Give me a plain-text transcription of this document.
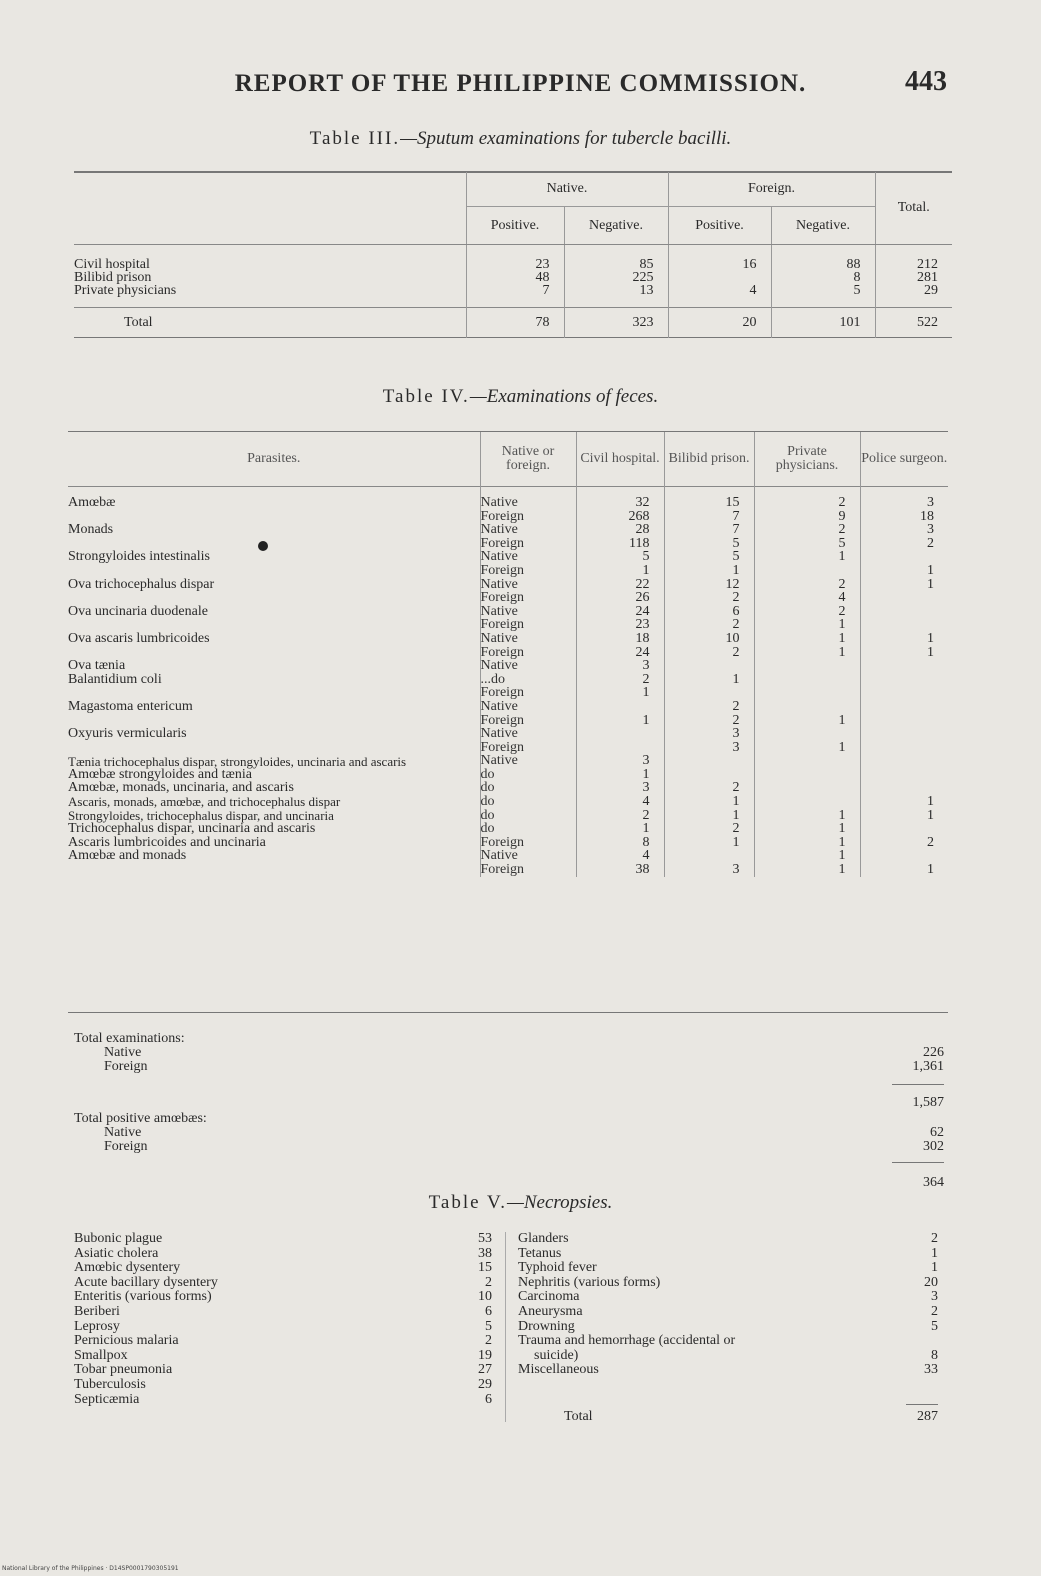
REPORT OF THE PHILIPPINE COMMISSION.	443
Table III.—Sputum examinations for tubercle bacilli.
	Native.		Foreign.		Total.
	Positive.	Negative.	Positive.	Negative.	

Civil hospital	23	85	16	88	212
Bilibid prison	48	225		8	281
Private physicians	7	13	4	5	29

Total	78	323	20	101	522
Table IV.—Examinations of feces.
Parasites.	Native or foreign.	Civil hospital.	Bilibid prison.	Private physicians.	Police surgeon.

Amœbæ	Native	32	15	2	3
	Foreign	268	7	9	18
Monads	Native	28	7	2	3
	Foreign	118	5	5	2
Strongyloides intestinalis	Native	5	5	1	
	Foreign	1	1		1
Ova trichocephalus dispar	Native	22	12	2	1
	Foreign	26	2	4	
Ova uncinaria duodenale	Native	24	6	2	
	Foreign	23	2	1	
Ova ascaris lumbricoides	Native	18	10	1	1
	Foreign	24	2	1	1
Ova tænia	Native	3			
Balantidium coli	...do	2	1		
	Foreign	1			
Magastoma entericum	Native		2		
	Foreign	1	2	1	
Oxyuris vermicularis	Native		3		
	Foreign		3	1	
Tænia trichocephalus dispar, strongyloides, uncinaria and ascaris	Native	3			
Amœbæ strongyloides and tænia	do	1			
Amœbæ, monads, uncinaria, and ascaris	do	3	2		
Ascaris, monads, amœbæ, and trichocephalus dispar	do	4	1		1
Strongyloides, trichocephalus dispar, and uncinaria	do	2	1	1	1
Trichocephalus dispar, uncinaria and ascaris	do	1	2	1	
Ascaris lumbricoides and uncinaria	Foreign	8	1	1	2
Amœbæ and monads	Native	4		1	
	Foreign	38	3	1	1
Total examinations:
Native	226
Foreign	1,361
1,587
Total positive amœbæs:
Native	62
Foreign	302
364
Table V.—Necropsies.
Bubonic plague	53
Asiatic cholera	38
Amœbic dysentery	15
Acute bacillary dysentery	2
Enteritis (various forms)	10
Beriberi	6
Leprosy	5
Pernicious malaria	2
Smallpox	19
Tobar pneumonia	27
Tuberculosis	29
Septicæmia	6
Glanders	2
Tetanus	1
Typhoid fever	1
Nephritis (various forms)	20
Carcinoma	3
Aneurysma	2
Drowning	5
Trauma and hemorrhage (accidental or
suicide)	8
Miscellaneous	33
Total	287
National Library of the Philippines · D14SP0001790305191
